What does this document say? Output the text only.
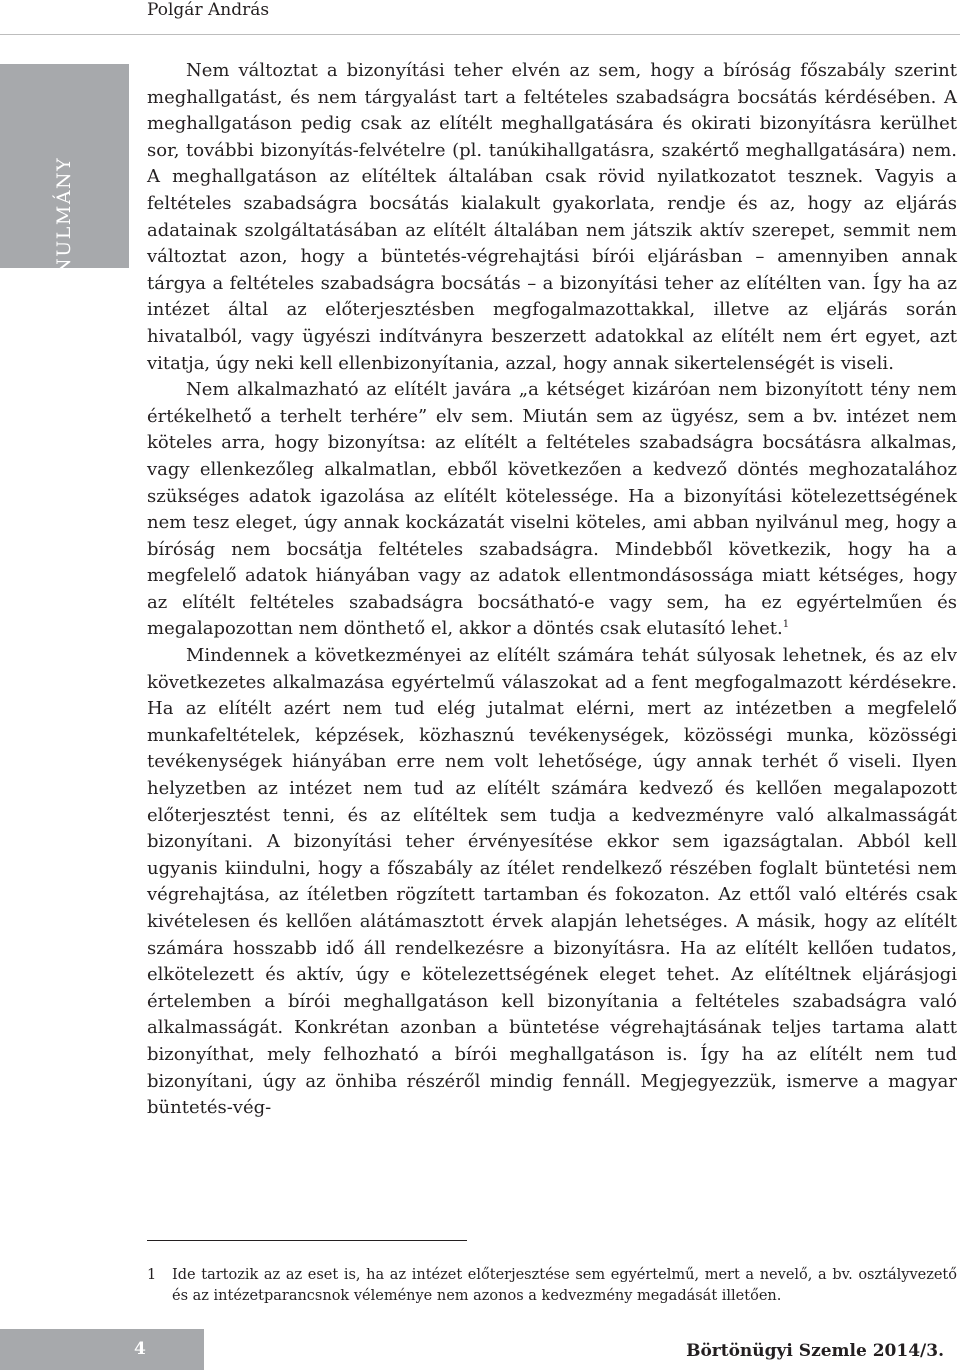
Polgár András
TANULMÁNY

Nem változtat a bizonyítási teher elvén az sem, hogy a bíróság főszabály szerint meghallgatást, és nem tárgyalást tart a feltételes szabadságra bocsátás kérdésében. A meghallgatáson pedig csak az elítélt meghallgatására és okirati bizonyításra kerülhet sor, további bizonyítás-felvételre (pl. tanúkihallgatásra, szakértő meghallgatására) nem. A meghallgatáson az elítéltek általában csak rövid nyilatkozatot tesznek. Vagyis a feltételes szabadságra bocsátás kialakult gyakorlata, rendje és az, hogy az eljárás adatainak szolgáltatásában az elítélt általában nem játszik aktív szerepet, semmit nem változtat azon, hogy a büntetés-végrehajtási bírói eljárásban – amennyiben annak tárgya a feltételes szabadságra bocsátás – a bizonyítási teher az elítélten van. Így ha az intézet által az előterjesztésben megfogalmazottakkal, illetve az eljárás során hivatalból, vagy ügyészi indítványra beszerzett adatokkal az elítélt nem ért egyet, azt vitatja, úgy neki kell ellenbizonyítania, azzal, hogy annak sikertelenségét is viseli.

Nem alkalmazható az elítélt javára „a kétséget kizáróan nem bizonyított tény nem értékelhető a terhelt terhére” elv sem. Miután sem az ügyész, sem a bv. intézet nem köteles arra, hogy bizonyítsa: az elítélt a feltételes szabadságra bocsátásra alkalmas, vagy ellenkezőleg alkalmatlan, ebből következően a kedvező döntés meghozatalához szükséges adatok igazolása az elítélt kötelessége. Ha a bizonyítási kötelezettségének nem tesz eleget, úgy annak kockázatát viselni köteles, ami abban nyilvánul meg, hogy a bíróság nem bocsátja feltételes szabadságra. Mindebből következik, hogy ha a megfelelő adatok hiányában vagy az adatok ellentmondásossága miatt kétséges, hogy az elítélt feltételes szabadságra bocsátható-e vagy sem, ha ez egyértelműen és megalapozottan nem dönthető el, akkor a döntés csak elutasító lehet.$^1$

Mindennek a következményei az elítélt számára tehát súlyosak lehetnek, és az elv következetes alkalmazása egyértelmű válaszokat ad a fent megfogalmazott kérdésekre. Ha az elítélt azért nem tud elég jutalmat elérni, mert az intézetben a megfelelő munkafeltételek, képzések, közhasznú tevékenységek, közösségi munka, közösségi tevékenységek hiányában erre nem volt lehetősége, úgy annak terhét ő viseli. Ilyen helyzetben az intézet nem tud az elítélt számára kedvező és kellően megalapozott előterjesztést tenni, és az elítéltek sem tudja a kedvezményre való alkalmasságát bizonyítani. A bizonyítási teher érvényesítése ekkor sem igazságtalan. Abból kell ugyanis kiindulni, hogy a főszabály az ítélet rendelkező részében foglalt büntetési nem végrehajtása, az ítéletben rögzített tartamban és fokozaton. Az ettől való eltérés csak kivételesen és kellően alátámasztott érvek alapján lehetséges. A másik, hogy az elítélt számára hosszabb idő áll rendelkezésre a bizonyításra. Ha az elítélt kellően tudatos, elkötelezett és aktív, úgy e kötelezettségének eleget tehet. Az elítéltnek eljárásjogi értelemben a bírói meghallgatáson kell bizonyítania a feltételes szabadságra való alkalmasságát. Konkrétan azonban a büntetése végrehajtásának teljes tartama alatt bizonyíthat, mely felhozható a bírói meghallgatáson is. Így ha az elítélt nem tud bizonyítani, úgy az önhiba részéről mindig fennáll. Megjegyezzük, ismerve a magyar büntetés-vég-

1	Ide tartozik az az eset is, ha az intézet előterjesztése sem egyértelmű, mert a nevelő, a bv. osztályvezető és az intézetparancsnok véleménye nem azonos a kedvezmény megadását illetően.
4	Börtönügyi Szemle 2014/3.
